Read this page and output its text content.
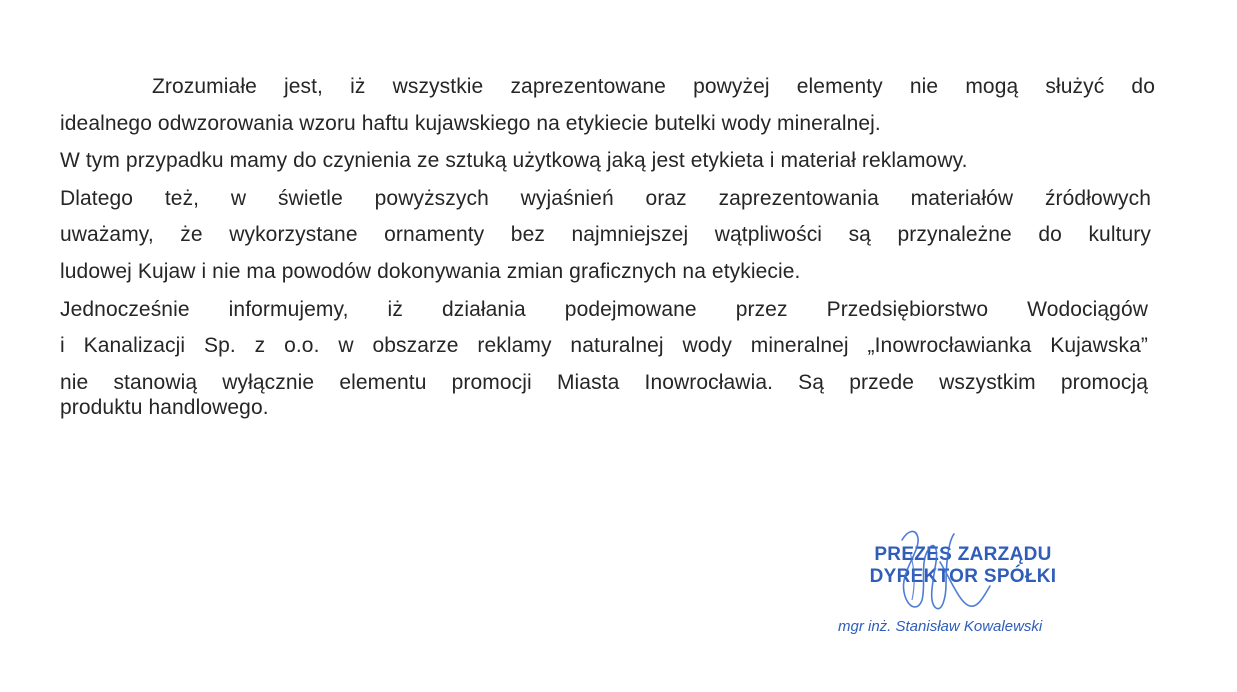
Zrozumiałe jest, iż wszystkie zaprezentowane powyżej elementy nie mogą służyć do
idealnego odwzorowania wzoru haftu kujawskiego na etykiecie butelki wody mineralnej.
W tym przypadku mamy do czynienia ze sztuką użytkową jaką jest etykieta i materiał reklamowy.
Dlatego też, w świetle powyższych wyjaśnień oraz zaprezentowania materiałów źródłowych
uważamy, że wykorzystane ornamenty bez najmniejszej wątpliwości są przynależne do kultury
ludowej Kujaw i nie ma powodów dokonywania zmian graficznych na etykiecie.
Jednocześnie informujemy, iż działania podejmowane przez Przedsiębiorstwo Wodociągów
i Kanalizacji Sp. z o.o. w obszarze reklamy naturalnej wody mineralnej „Inowrocławianka Kujawska”
nie stanowią wyłącznie elementu promocji Miasta Inowrocławia. Są przede wszystkim promocją
produktu handlowego.
PREZES ZARZĄDU
DYREKTOR SPÓŁKI
mgr inż. Stanisław Kowalewski
